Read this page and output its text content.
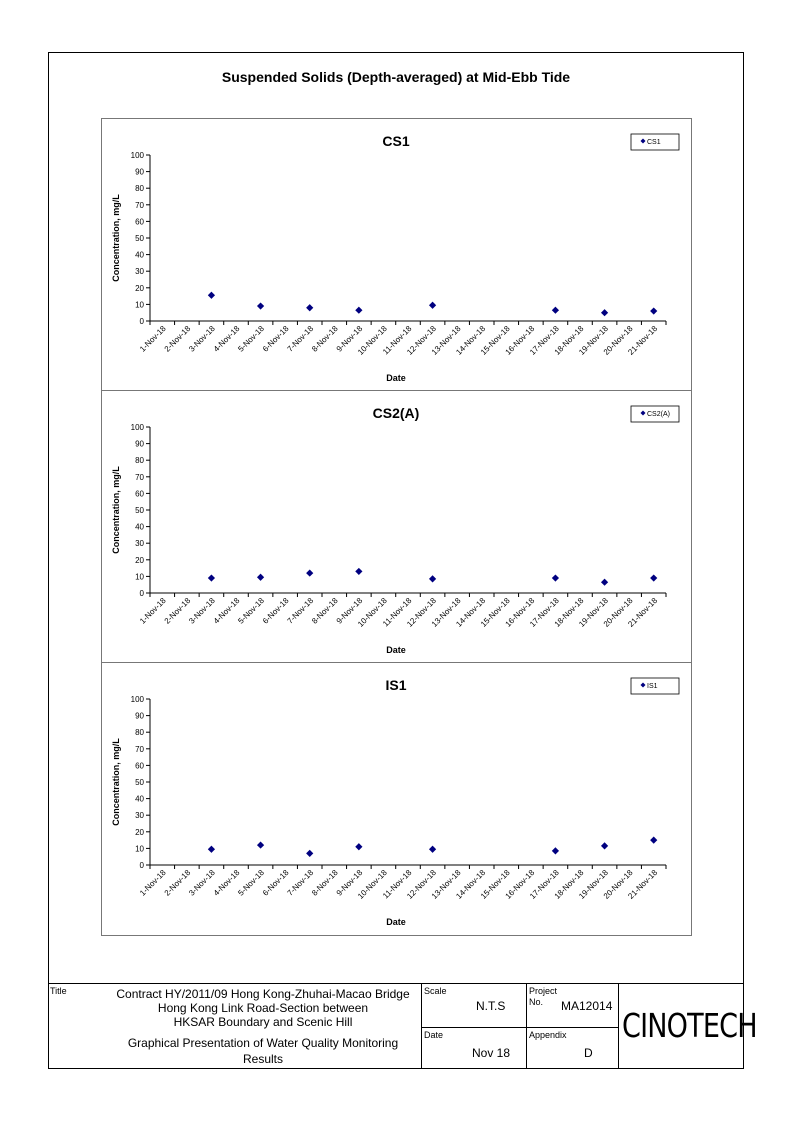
Suspended Solids (Depth-averaged) at Mid-Ebb Tide
CS1	CS1
0
10
20
30
40
50
60
70
80
90
100
Concentration, mg/L
1-Nov-18
2-Nov-18
3-Nov-18
4-Nov-18
5-Nov-18
6-Nov-18
7-Nov-18
8-Nov-18
9-Nov-18
10-Nov-18
11-Nov-18
12-Nov-18
13-Nov-18
14-Nov-18
15-Nov-18
16-Nov-18
17-Nov-18
18-Nov-18
19-Nov-18
20-Nov-18
21-Nov-18
Date
CS2(A)	CS2(A)
0
10
20
30
40
50
60
70
80
90
100
Concentration, mg/L
1-Nov-18
2-Nov-18
3-Nov-18
4-Nov-18
5-Nov-18
6-Nov-18
7-Nov-18
8-Nov-18
9-Nov-18
10-Nov-18
11-Nov-18
12-Nov-18
13-Nov-18
14-Nov-18
15-Nov-18
16-Nov-18
17-Nov-18
18-Nov-18
19-Nov-18
20-Nov-18
21-Nov-18
Date
IS1	IS1
0
10
20
30
40
50
60
70
80
90
100
Concentration, mg/L
1-Nov-18
2-Nov-18
3-Nov-18
4-Nov-18
5-Nov-18
6-Nov-18
7-Nov-18
8-Nov-18
9-Nov-18
10-Nov-18
11-Nov-18
12-Nov-18
13-Nov-18
14-Nov-18
15-Nov-18
16-Nov-18
17-Nov-18
18-Nov-18
19-Nov-18
20-Nov-18
21-Nov-18
Date
Title	Contract HY/2011/09 Hong Kong-Zhuhai-Macao Bridge
Hong Kong Link Road-Section between
HKSAR Boundary and Scenic Hill
Graphical Presentation of Water Quality Monitoring
Results
Scale
N.T.S
Date
Nov 18
Project
No. MA12014
Appendix
D
CINOTECH
